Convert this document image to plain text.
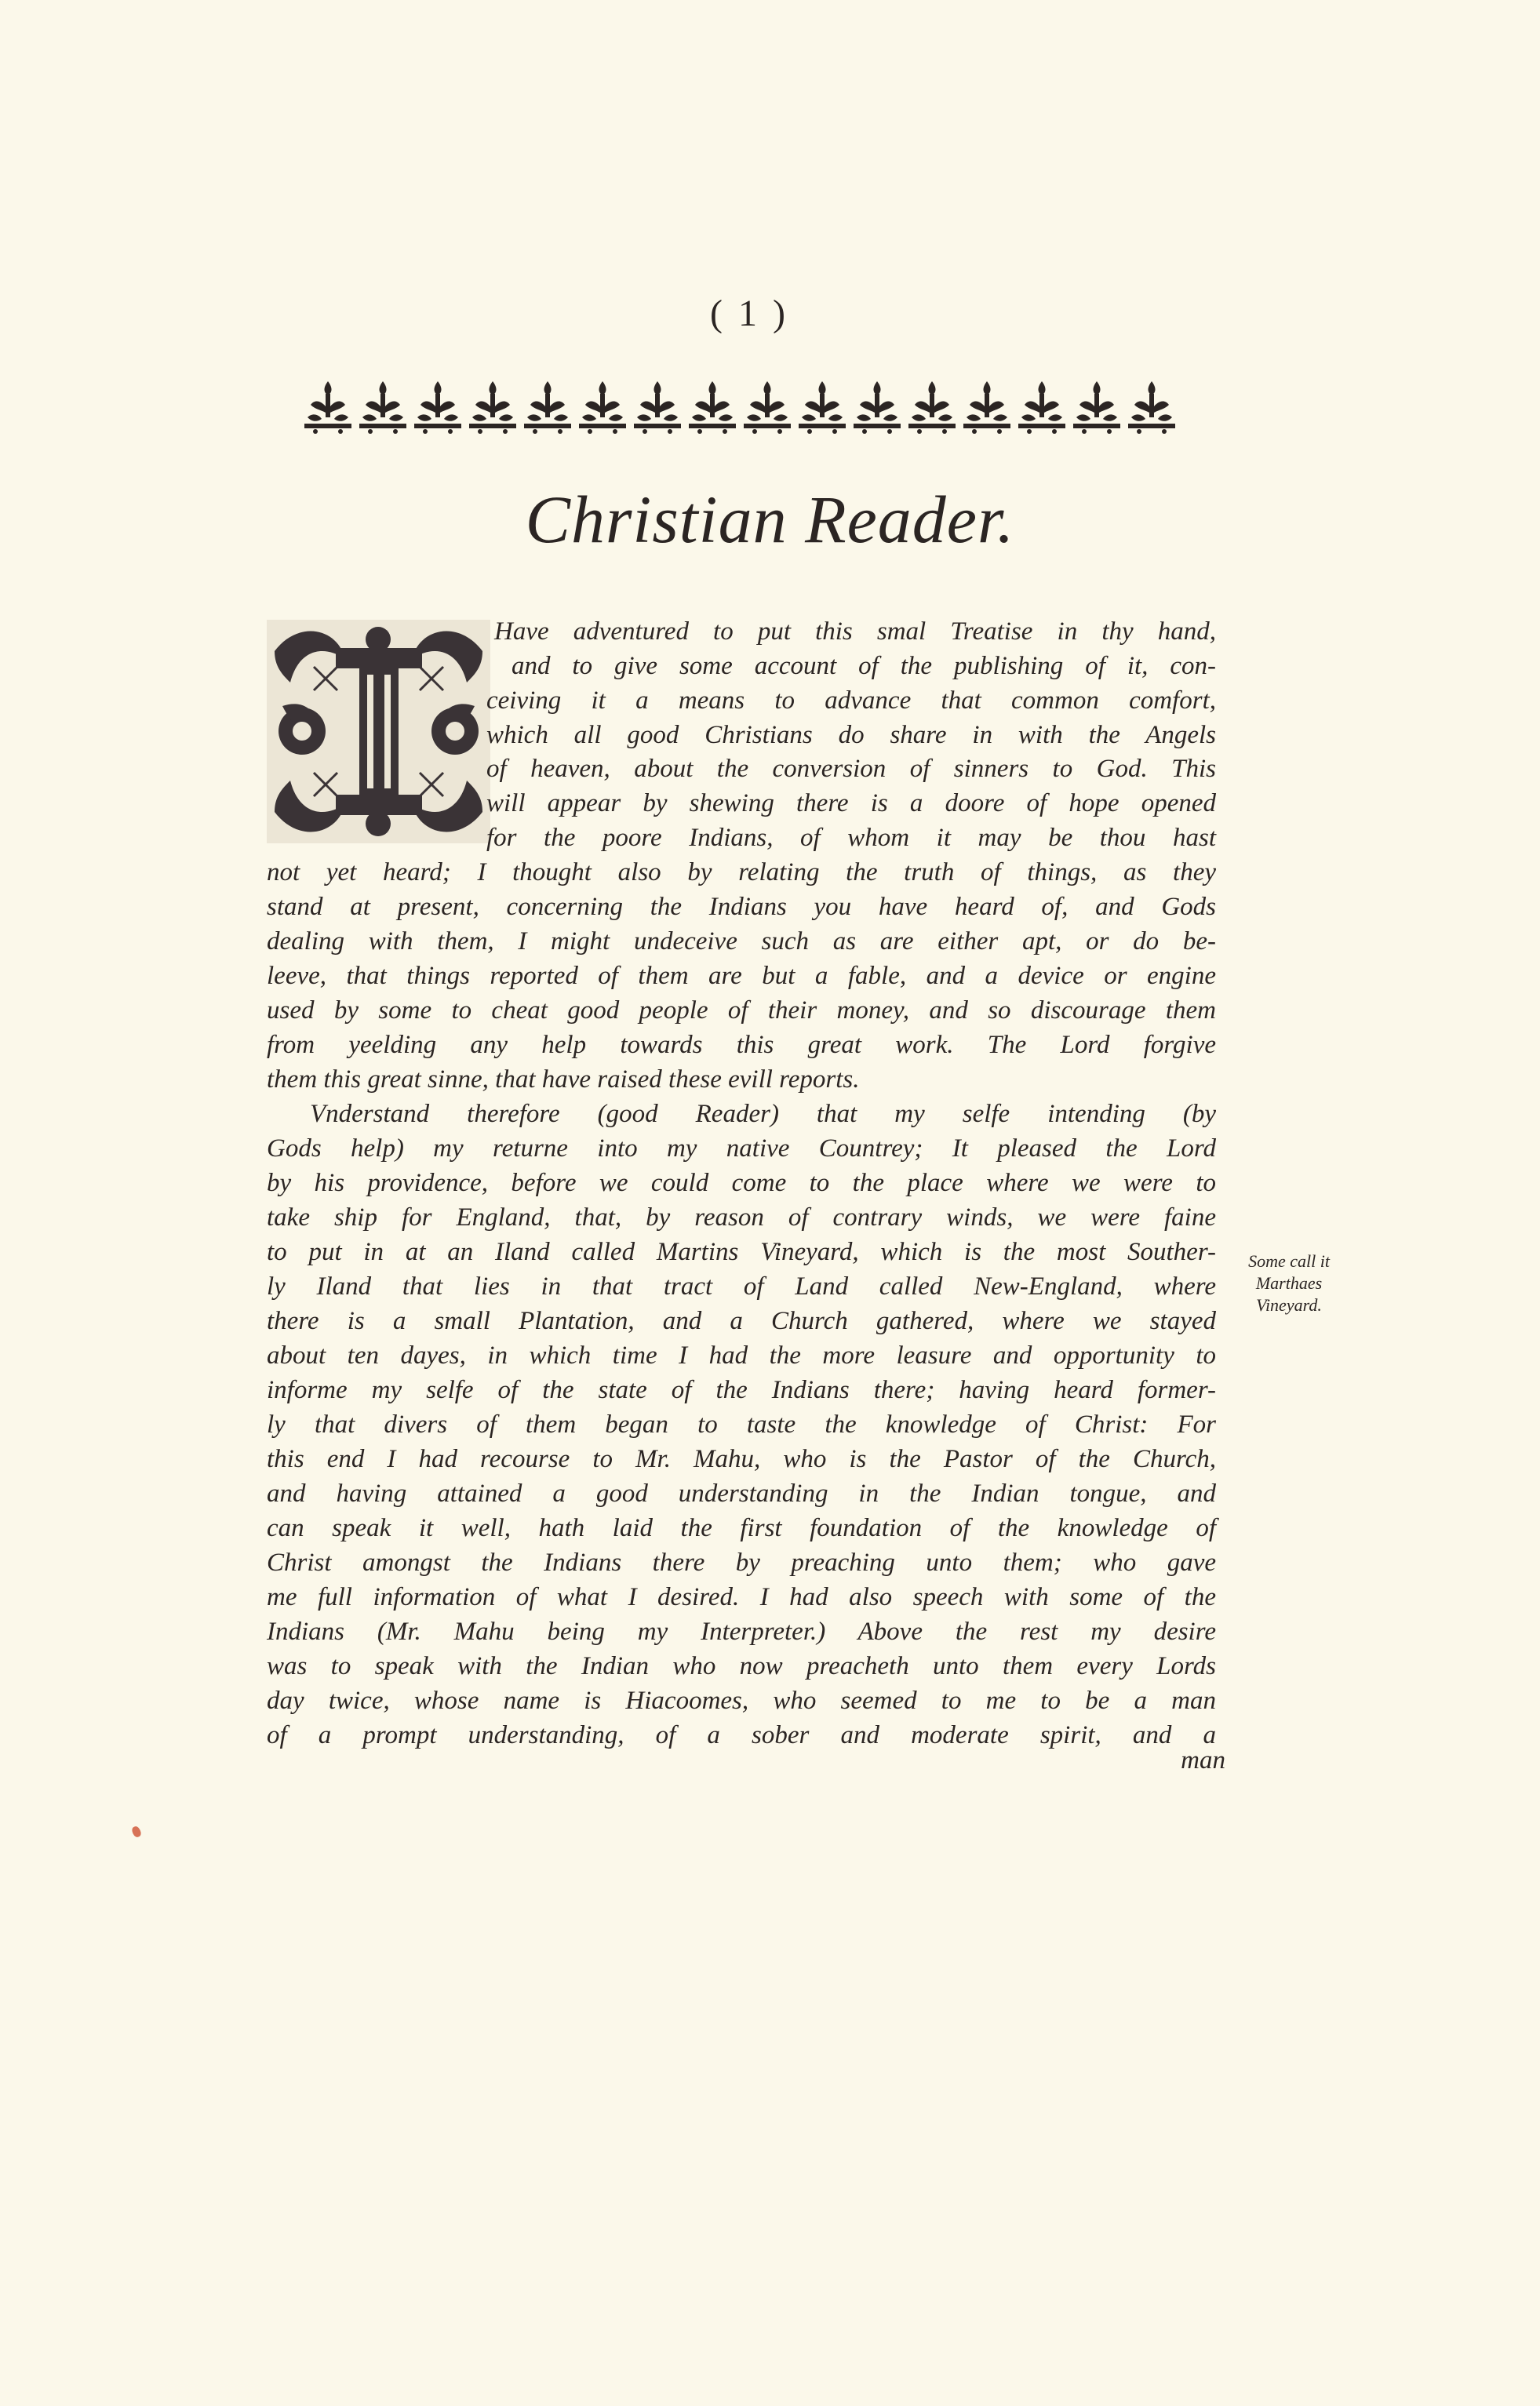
( 1 )
Christian Reader.
Have adventured to put this smal Treatise in thy hand,
and to give some account of the publishing of it, con-
ceiving it a means to advance that common comfort,
which all good Christians do share in with the Angels
of heaven, about the conversion of sinners to God. This
will appear by shewing there is a doore of hope opened
for the poore Indians, of whom it may be thou hast
not yet heard; I thought also by relating the truth of things, as they
stand at present, concerning the Indians you have heard of, and Gods
dealing with them, I might undeceive such as are either apt, or do be-
leeve, that things reported of them are but a fable, and a device or engine
used by some to cheat good people of their money, and so discourage them
from yeelding any help towards this great work. The Lord forgive
them this great sinne, that have raised these evill reports.
Vnderstand therefore (good Reader) that my selfe intending (by
Gods help) my returne into my native Countrey; It pleased the Lord
by his providence, before we could come to the place where we were to
take ship for England, that, by reason of contrary winds, we were faine
to put in at an Iland called Martins Vineyard, which is the most Souther-
ly Iland that lies in that tract of Land called New-England, where
there is a small Plantation, and a Church gathered, where we stayed
about ten dayes, in which time I had the more leasure and opportunity to
informe my selfe of the state of the Indians there; having heard former-
ly that divers of them began to taste the knowledge of Christ: For
this end I had recourse to Mr. Mahu, who is the Pastor of the Church,
and having attained a good understanding in the Indian tongue, and
can speak it well, hath laid the first foundation of the knowledge of
Christ amongst the Indians there by preaching unto them; who gave
me full information of what I desired. I had also speech with some of the
Indians (Mr. Mahu being my Interpreter.) Above the rest my desire
was to speak with the Indian who now preacheth unto them every Lords
day twice, whose name is Hiacoomes, who seemed to me to be a man
of a prompt understanding, of a sober and moderate spirit, and a
man
Some call it
Marthaes
Vineyard.
